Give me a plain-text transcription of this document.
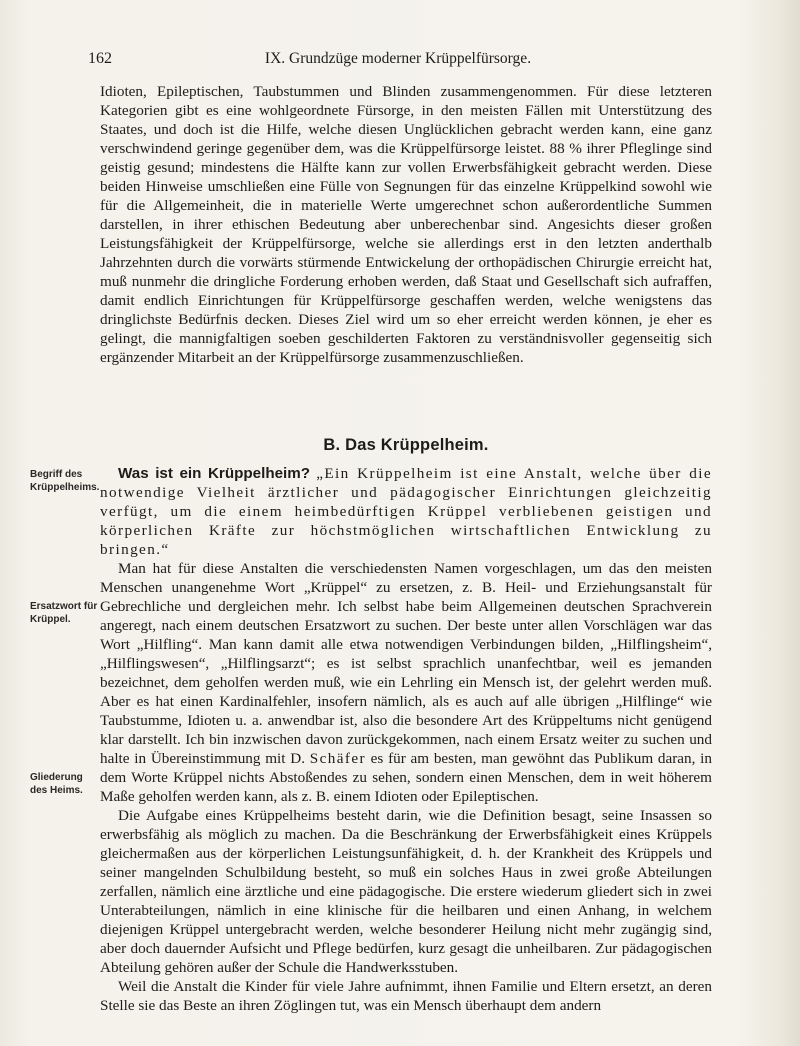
162	IX. Grundzüge moderner Krüppelfürsorge.

Idioten, Epileptischen, Taubstummen und Blinden zusammengenommen. Für diese letzteren Kategorien gibt es eine wohlgeordnete Fürsorge, in den meisten Fällen mit Unterstützung des Staates, und doch ist die Hilfe, welche diesen Unglücklichen gebracht werden kann, eine ganz verschwindend geringe gegenüber dem, was die Krüppelfürsorge leistet. 88 % ihrer Pfleglinge sind geistig gesund; mindestens die Hälfte kann zur vollen Erwerbsfähigkeit gebracht werden. Diese beiden Hinweise umschließen eine Fülle von Segnungen für das einzelne Krüppelkind sowohl wie für die Allgemeinheit, die in materielle Werte umgerechnet schon außerordentliche Summen darstellen, in ihrer ethischen Bedeutung aber unberechenbar sind. Angesichts dieser großen Leistungsfähigkeit der Krüppelfürsorge, welche sie allerdings erst in den letzten anderthalb Jahrzehnten durch die vorwärts stürmende Entwickelung der orthopädischen Chirurgie erreicht hat, muß nunmehr die dringliche Forderung erhoben werden, daß Staat und Gesellschaft sich aufraffen, damit endlich Einrichtungen für Krüppelfürsorge geschaffen werden, welche wenigstens das dringlichste Bedürfnis decken. Dieses Ziel wird um so eher erreicht werden können, je eher es gelingt, die mannigfaltigen soeben geschilderten Faktoren zu verständnisvoller gegenseitig sich ergänzender Mitarbeit an der Krüppelfürsorge zusammenzuschließen.

B. Das Krüppelheim.
Begriff des Krüppelheims.
Ersatzwort für Krüppel.
Gliederung des Heims.

Was ist ein Krüppelheim? „Ein Krüppelheim ist eine Anstalt, welche über die notwendige Vielheit ärztlicher und pädagogischer Einrichtungen gleichzeitig verfügt, um die einem heimbedürftigen Krüppel verbliebenen geistigen und körperlichen Kräfte zur höchstmöglichen wirtschaftlichen Entwicklung zu bringen.“

Man hat für diese Anstalten die verschiedensten Namen vorgeschlagen, um das den meisten Menschen unangenehme Wort „Krüppel“ zu ersetzen, z. B. Heil- und Erziehungsanstalt für Gebrechliche und dergleichen mehr. Ich selbst habe beim Allgemeinen deutschen Sprachverein angeregt, nach einem deutschen Ersatzwort zu suchen. Der beste unter allen Vorschlägen war das Wort „Hilfling“. Man kann damit alle etwa notwendigen Verbindungen bilden, „Hilflingsheim“, „Hilflingswesen“, „Hilflingsarzt“; es ist selbst sprachlich unanfechtbar, weil es jemanden bezeichnet, dem geholfen werden muß, wie ein Lehrling ein Mensch ist, der gelehrt werden muß. Aber es hat einen Kardinalfehler, insofern nämlich, als es auch auf alle übrigen „Hilflinge“ wie Taubstumme, Idioten u. a. anwendbar ist, also die besondere Art des Krüppeltums nicht genügend klar darstellt. Ich bin inzwischen davon zurückgekommen, nach einem Ersatz weiter zu suchen und halte in Übereinstimmung mit D. Schäfer es für am besten, man gewöhnt das Publikum daran, in dem Worte Krüppel nichts Abstoßendes zu sehen, sondern einen Menschen, dem in weit höherem Maße geholfen werden kann, als z. B. einem Idioten oder Epileptischen.

Die Aufgabe eines Krüppelheims besteht darin, wie die Definition besagt, seine Insassen so erwerbsfähig als möglich zu machen. Da die Beschränkung der Erwerbsfähigkeit eines Krüppels gleichermaßen aus der körperlichen Leistungsunfähigkeit, d. h. der Krankheit des Krüppels und seiner mangelnden Schulbildung besteht, so muß ein solches Haus in zwei große Abteilungen zerfallen, nämlich eine ärztliche und eine pädagogische. Die erstere wiederum gliedert sich in zwei Unterabteilungen, nämlich in eine klinische für die heilbaren und einen Anhang, in welchem diejenigen Krüppel untergebracht werden, welche besonderer Heilung nicht mehr zugängig sind, aber doch dauernder Aufsicht und Pflege bedürfen, kurz gesagt die unheilbaren. Zur pädagogischen Abteilung gehören außer der Schule die Handwerksstuben.

Weil die Anstalt die Kinder für viele Jahre aufnimmt, ihnen Familie und Eltern ersetzt, an deren Stelle sie das Beste an ihren Zöglingen tut, was ein Mensch überhaupt dem andern
